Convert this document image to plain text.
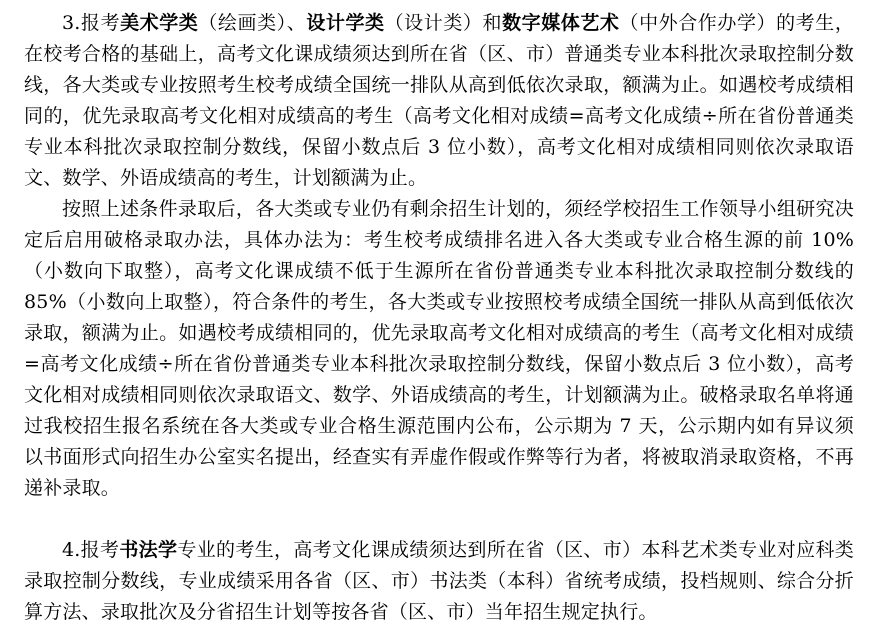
3.报考美术学类（绘画类）、设计学类（设计类）和数字媒体艺术（中外合作办学）的考生，在校考合格的基础上，高考文化课成绩须达到所在省（区、市）普通类专业本科批次录取控制分数线，各大类或专业按照考生校考成绩全国统一排队从高到低依次录取，额满为止。如遇校考成绩相同的，优先录取高考文化相对成绩高的考生（高考文化相对成绩=高考文化成绩÷所在省份普通类专业本科批次录取控制分数线，保留小数点后 3 位小数），高考文化相对成绩相同则依次录取语文、数学、外语成绩高的考生，计划额满为止。

按照上述条件录取后，各大类或专业仍有剩余招生计划的，须经学校招生工作领导小组研究决定后启用破格录取办法，具体办法为：考生校考成绩排名进入各大类或专业合格生源的前 10%（小数向下取整），高考文化课成绩不低于生源所在省份普通类专业本科批次录取控制分数线的85%（小数向上取整），符合条件的考生，各大类或专业按照校考成绩全国统一排队从高到低依次录取，额满为止。如遇校考成绩相同的，优先录取高考文化相对成绩高的考生（高考文化相对成绩=高考文化成绩÷所在省份普通类专业本科批次录取控制分数线，保留小数点后 3 位小数），高考文化相对成绩相同则依次录取语文、数学、外语成绩高的考生，计划额满为止。破格录取名单将通过我校招生报名系统在各大类或专业合格生源范围内公布，公示期为 7 天，公示期内如有异议须以书面形式向招生办公室实名提出，经查实有弄虚作假或作弊等行为者，将被取消录取资格，不再递补录取。

4.报考书法学专业的考生，高考文化课成绩须达到所在省（区、市）本科艺术类专业对应科类录取控制分数线，专业成绩采用各省（区、市）书法类（本科）省统考成绩，投档规则、综合分折算方法、录取批次及分省招生计划等按各省（区、市）当年招生规定执行。
